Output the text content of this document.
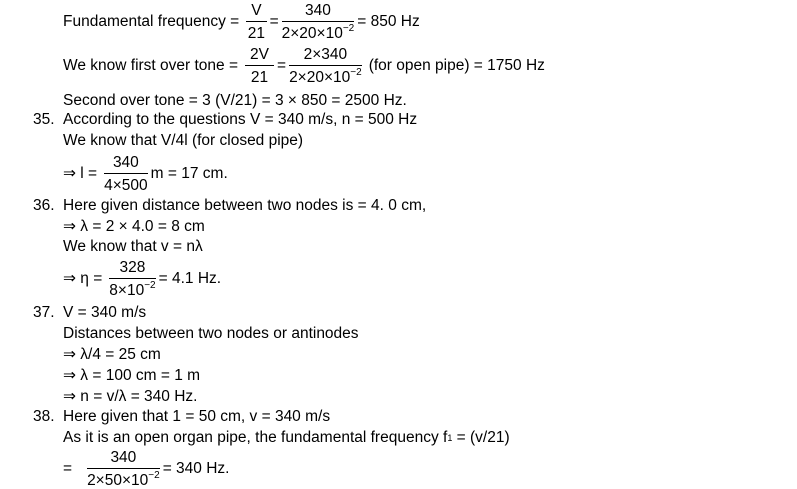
Fundamental frequency = $\frac{V}{21} = \frac{340}{2\times 20\times 10^{-2}} = 850$ Hz
We know first over tone = $\frac{2V}{21} = \frac{2\times 340}{2\times 20\times 10^{-2}} (for$ open pipe) = 1750 Hz
Second over tone = 3 (V/21) = 3 × 850 = 2500 Hz.
35. According to the questions V = 340 m/s, n = 500 Hz
We know that V/4l (for closed pipe)
⇒ $l = \frac{340}{4\times 500}$ m = 17 cm.
36. Here given distance between two nodes is = 4. 0 cm,
⇒ λ = 2 × 4.0 = 8 cm
We know that v = nλ
⇒ $\eta = \frac{328}{8\times 10^{-2}} = 4.1$ Hz.
37. V = 340 m/s
Distances between two nodes or antinodes
⇒ λ/4 = 25 cm
⇒ λ = 100 cm = 1 m
⇒ n = v/λ = 340 Hz.
38. Here given that 1 = 50 cm, v = 340 m/s
As it is an open organ pipe, the fundamental frequency f 1 = (v/21)
= $\frac{340}{2\times 50\times 10^{-2}} = 340$ Hz.
